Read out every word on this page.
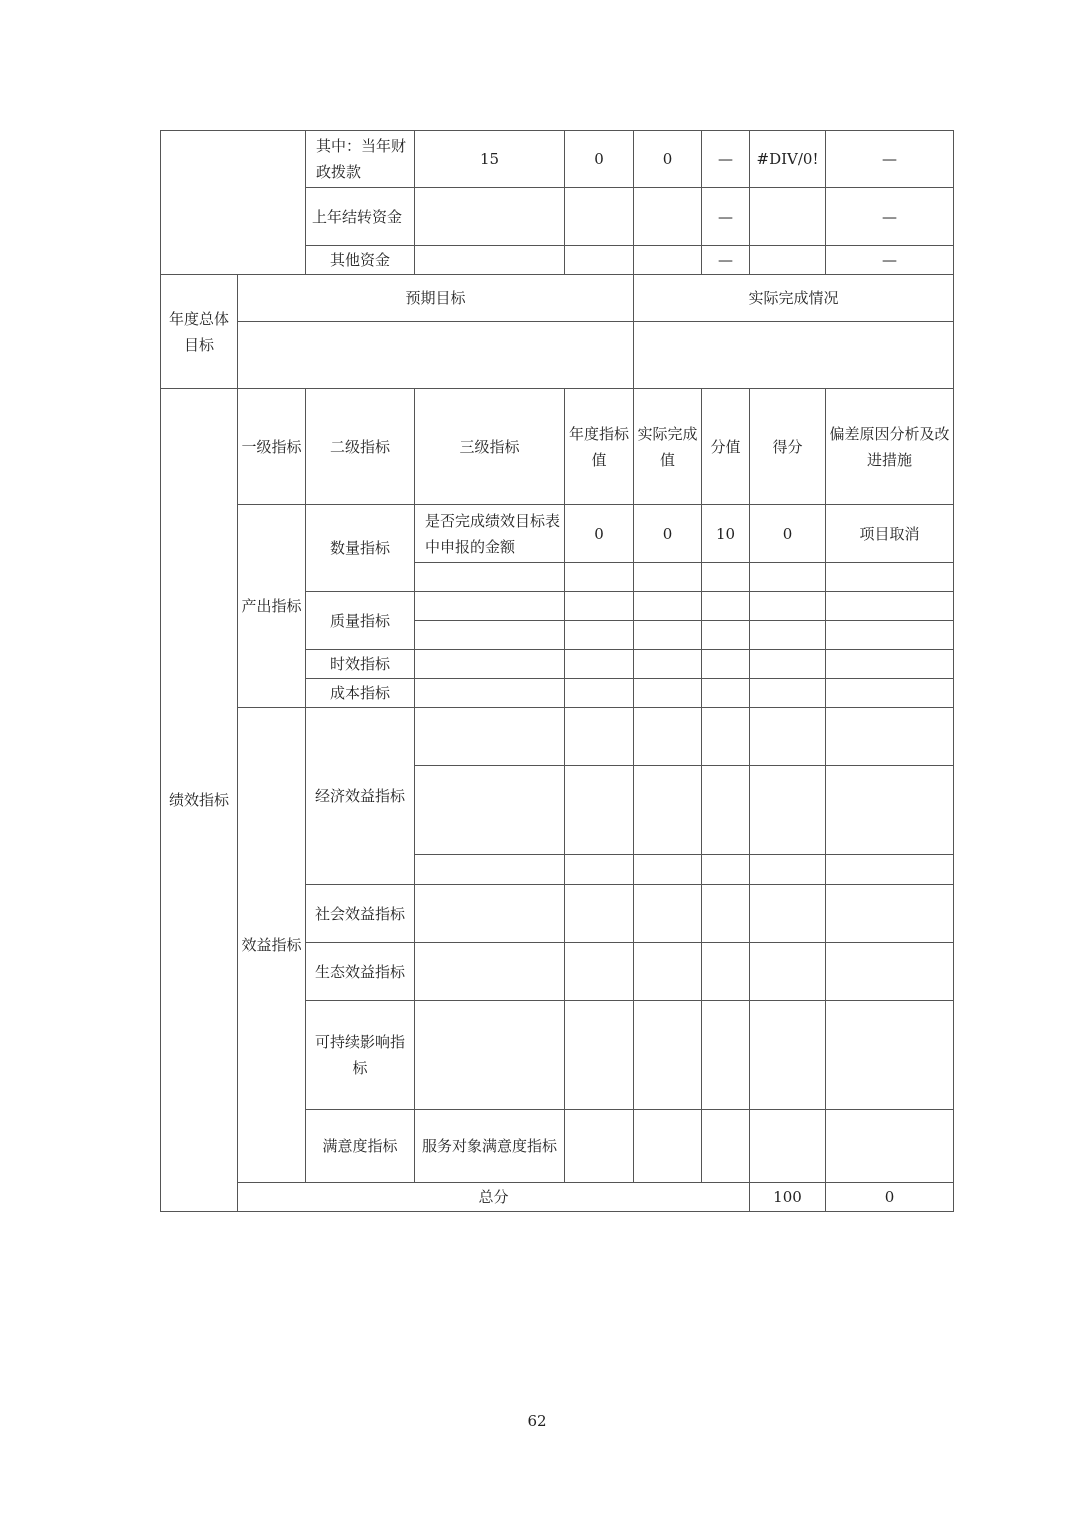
		其中：当年财政拨款	15	0	0	—	#DIV/0!	—	
		上年结转资金				—		—	
		其他资金				—		—	
年度总体目标	预期目标				实际完成情况				

绩效指标	一级指标	二级指标	三级指标	年度指标值	实际完成值	分值	得分	偏差原因分析及改进措施	
	产出指标	数量指标	是否完成绩效目标表中申报的金额	0	0	10	0	项目取消	

		质量指标							

		时效指标							
		成本指标							
	效益指标	经济效益指标							

		社会效益指标							
		生态效益指标							
		可持续影响指标							
		满意度指标	服务对象满意度指标						
	总分						100	0	
62
